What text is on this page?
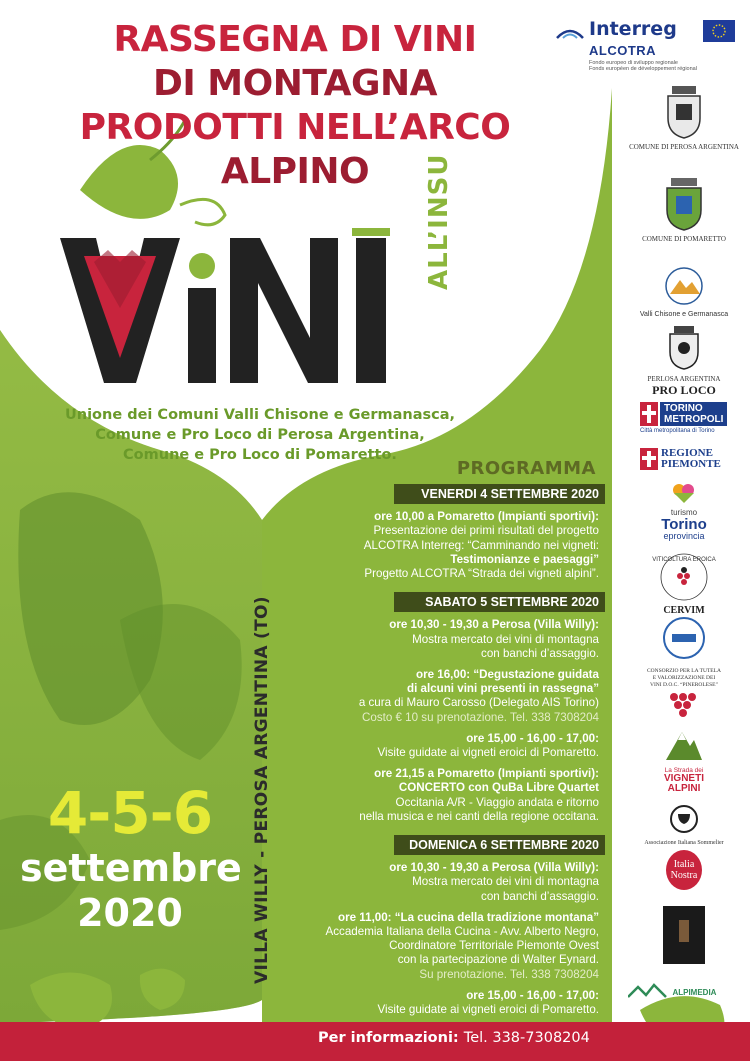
RASSEGNA DI VINI
DI MONTAGNA
PRODOTTI NELL’ARCO
ALPINO	ALL’INSU
Unione dei Comuni Valli Chisone e Germanasca,
Comune e Pro Loco di Perosa Argentina,
Comune e Pro Loco di Pomaretto.
PROGRAMMA
VENERDI 4 SETTEMBRE 2020
ore 10,00 a Pomaretto (Impianti sportivi):
Presentazione dei primi risultati del progetto
ALCOTRA Interreg: “Camminando nei vigneti:
Testimonianze e paesaggi”
Progetto ALCOTRA “Strada dei vigneti alpini”.
SABATO 5 SETTEMBRE 2020
ore 10,30 - 19,30 a Perosa (Villa Willy):
Mostra mercato dei vini di montagna
con banchi d’assaggio.
ore 16,00: “Degustazione guidata
di alcuni vini presenti in rassegna”
a cura di Mauro Carosso (Delegato AIS Torino)
Costo € 10 su prenotazione. Tel. 338 7308204
ore 15,00 - 16,00 - 17,00:
Visite guidate ai vigneti eroici di Pomaretto.
ore 21,15 a Pomaretto (Impianti sportivi):
CONCERTO con QuBa Libre Quartet
Occitania A/R - Viaggio andata e ritorno
nella musica e nei canti della regione occitana.
DOMENICA 6 SETTEMBRE 2020
ore 10,30 - 19,30 a Perosa (Villa Willy):
Mostra mercato dei vini di montagna
con banchi d’assaggio.
ore 11,00: “La cucina della tradizione montana”
Accademia Italiana della Cucina - Avv. Alberto Negro,
Coordinatore Territoriale Piemonte Ovest
con la partecipazione di Walter Eynard.
Su prenotazione. Tel. 338 7308204
ore 15,00 - 16,00 - 17,00:
Visite guidate ai vigneti eroici di Pomaretto.
VILLA WILLY - PEROSA ARGENTINA (TO)
4-5-6
settembre
2020
Per informazioni: Tel. 338-7308204
Interreg
ALCOTRA
Fondo europeo di sviluppo regionale
Fonds européen de développement régional
COMUNE DI PEROSA ARGENTINA
COMUNE DI POMARETTO
Valli Chisone e Germanasca
PERLOSA ARGENTINA
PRO LOCO
TORINO
METROPOLI
Città metropolitana di Torino
REGIONE
PIEMONTE
turismo
Torino
eprovincia
VITICOLTURA EROICA
CERVIM
CONSORZIO PER LA TUTELA
E VALORIZZAZIONE DEI
VINI D.O.C. “PINEROLESE”
La Strada dei
VIGNETI
ALPINI
Associazione Italiana Sommelier
Italia
Nostra
ALPIMEDIA
